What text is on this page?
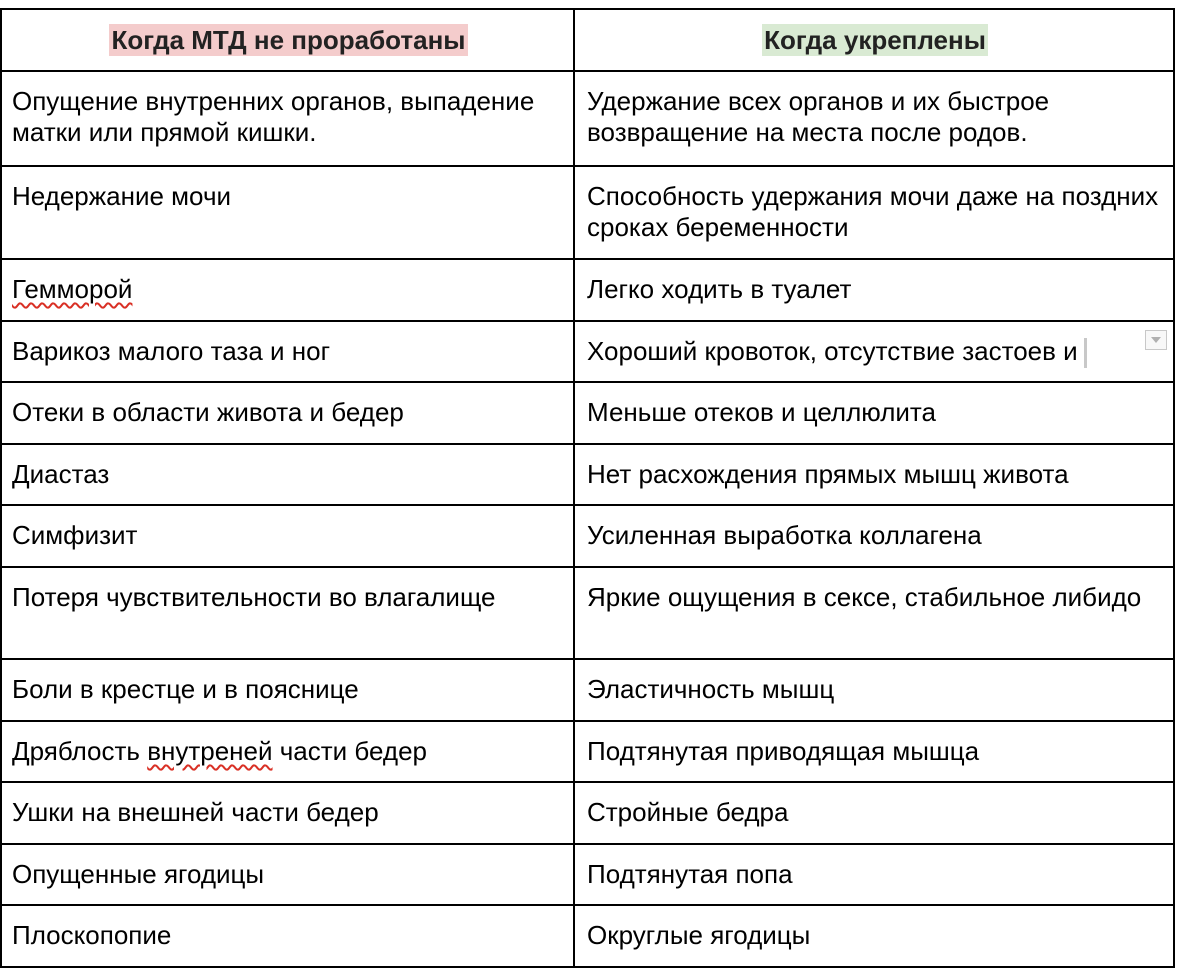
Когда МТД не проработаны	Когда укреплены

Опущение внутренних органов, выпадение матки или прямой кишки.	Удержание всех органов и их быстрое возвращение на места после родов.

Недержание мочи	Способность удержания мочи даже на поздних сроках беременности

Гемморой	Легко ходить в туалет

Варикоз малого таза и ног	Хороший кровоток, отсутствие застоев и

Отеки в области живота и бедер	Меньше отеков и целлюлита

Диастаз	Нет расхождения прямых мышц живота

Симфизит	Усиленная выработка коллагена

Потеря чувствительности во влагалище	Яркие ощущения в сексе, стабильное либидо

Боли в крестце и в пояснице	Эластичность мышц

Дряблость внутреней части бедер	Подтянутая приводящая мышца

Ушки на внешней части бедер	Стройные бедра

Опущенные ягодицы	Подтянутая попа

Плоскопопие	Округлые ягодицы
